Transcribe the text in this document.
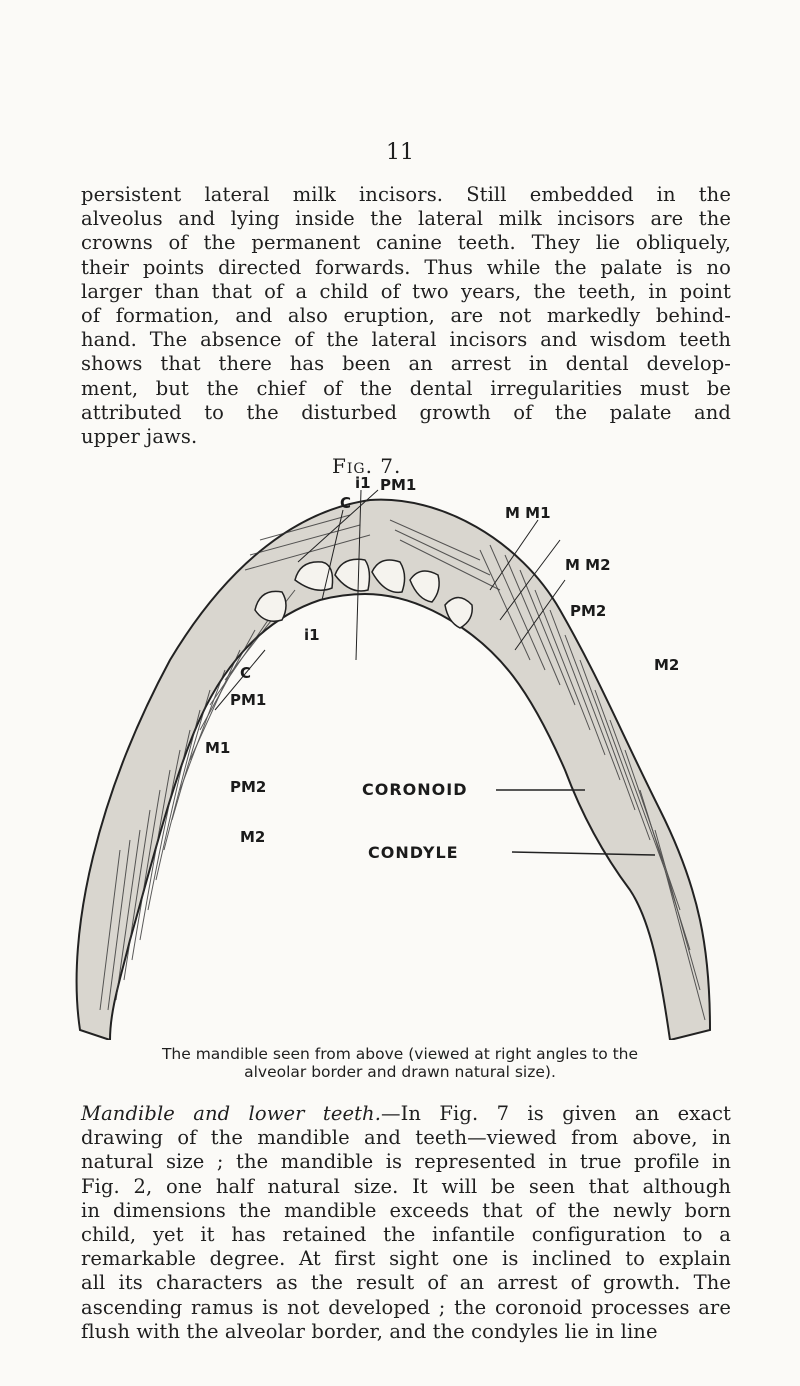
11
persistent lateral milk incisors. Still embedded in the
alveolus and lying inside the lateral milk incisors are the
crowns of the permanent canine teeth. They lie obliquely,
their points directed forwards. Thus while the palate is no
larger than that of a child of two years, the teeth, in point
of formation, and also eruption, are not markedly behind-
hand. The absence of the lateral incisors and wisdom teeth
shows that there has been an arrest in dental develop-
ment, but the chief of the dental irregularities must be
attributed to the disturbed growth of the palate and
upper jaws.
Fig. 7.
i1
C
PM1
M M1
M M2
PM2
M2
i1
C
PM1
M1
PM2
M2
CORONOID
CONDYLE
The mandible seen from above (viewed at right angles to the
alveolar border and drawn natural size).
Mandible and lower teeth.—In Fig. 7 is given an exact
drawing of the mandible and teeth—viewed from above, in
natural size ; the mandible is represented in true profile in
Fig. 2, one half natural size. It will be seen that although
in dimensions the mandible exceeds that of the newly born
child, yet it has retained the infantile configuration to a
remarkable degree. At first sight one is inclined to explain
all its characters as the result of an arrest of growth. The
ascending ramus is not developed ; the coronoid processes are
flush with the alveolar border, and the condyles lie in line
